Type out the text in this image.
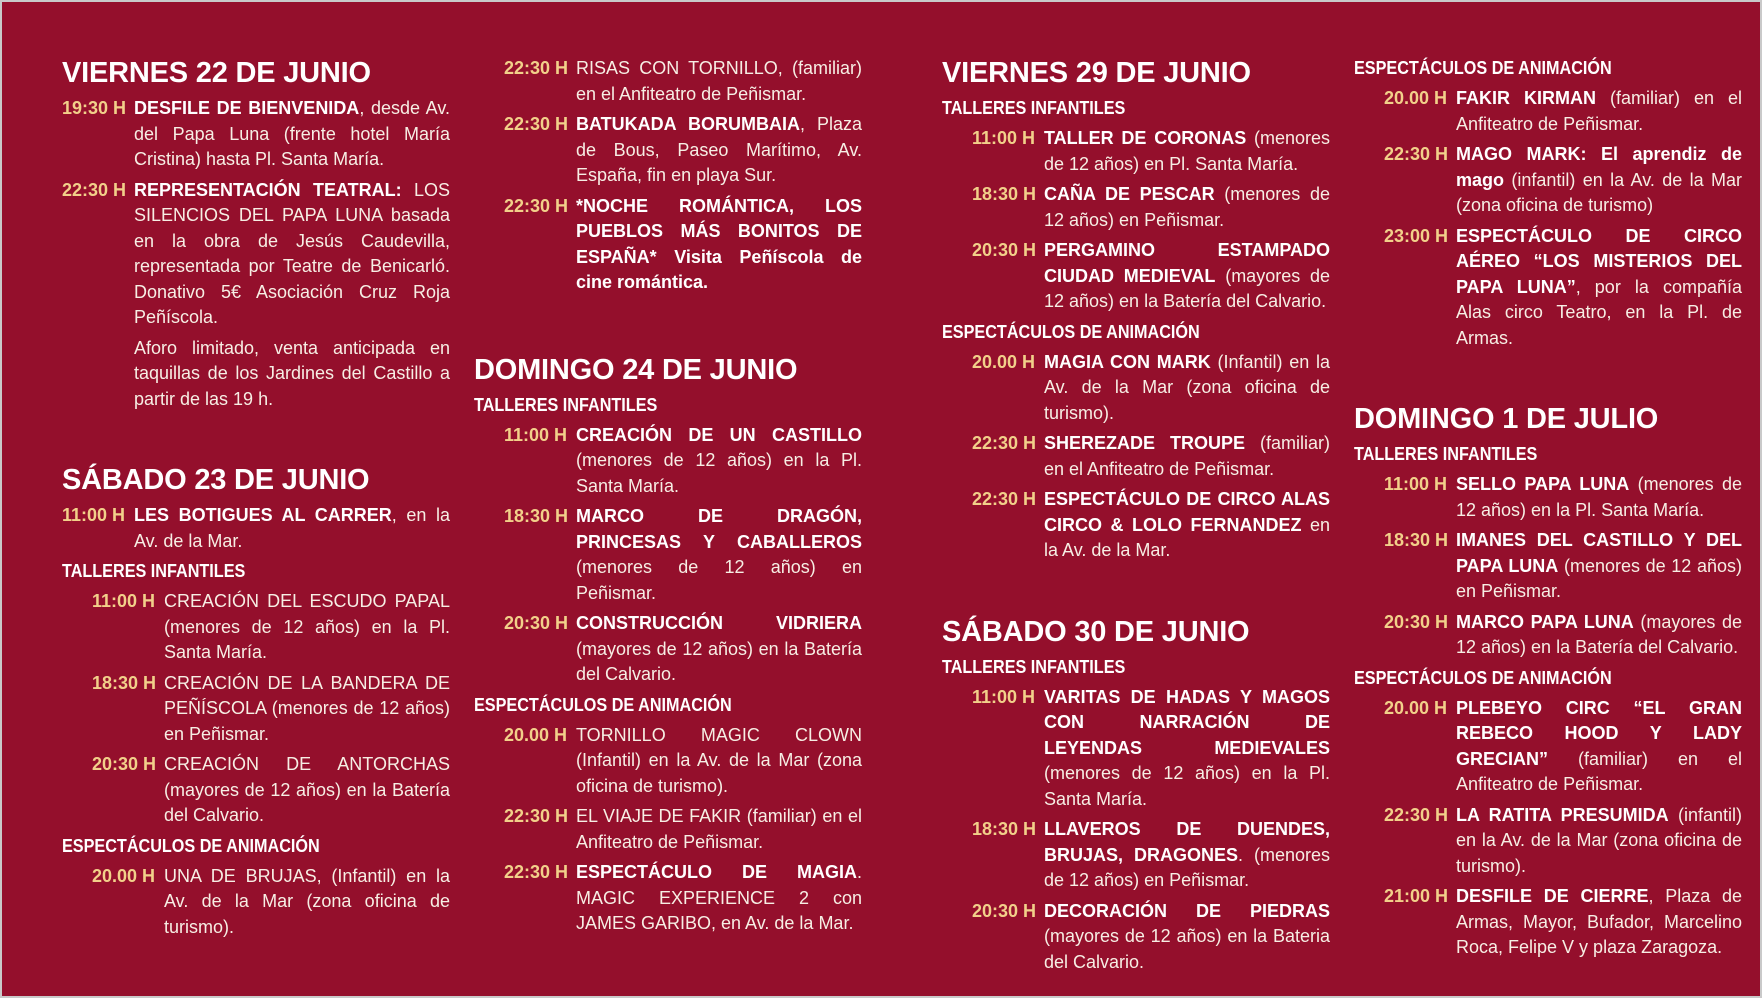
VIERNES 22 DE JUNIO
19:30 H DESFILE DE BIENVENIDA, desde Av. del Papa Luna (frente hotel María Cristina) hasta Pl. Santa María.
22:30 H REPRESENTACIÓN TEATRAL: LOS SILENCIOS DEL PAPA LUNA basada en la obra de Jesús Caudevilla, representada por Teatre de Benicarló. Donativo 5€ Asociación Cruz Roja Peñíscola.
Aforo limitado, venta anticipada en taquillas de los Jardines del Castillo a partir de las 19 h.
SÁBADO 23 DE JUNIO
11:00 H LES BOTIGUES AL CARRER, en la Av. de la Mar.
TALLERES INFANTILES
11:00 H CREACIÓN DEL ESCUDO PAPAL (menores de 12 años) en la Pl. Santa María.
18:30 H CREACIÓN DE LA BANDERA DE PEÑÍSCOLA (menores de 12 años) en Peñismar.
20:30 H CREACIÓN DE ANTORCHAS (mayores de 12 años) en la Batería del Calvario.
ESPECTÁCULOS DE ANIMACIÓN
20.00 H UNA DE BRUJAS, (Infantil) en la Av. de la Mar (zona oficina de turismo).
22:30 H RISAS CON TORNILLO, (familiar) en el Anfiteatro de Peñismar.
22:30 H BATUKADA BORUMBAIA, Plaza de Bous, Paseo Marítimo, Av. España, fin en playa Sur.
22:30 H *NOCHE ROMÁNTICA, LOS PUEBLOS MÁS BONITOS DE ESPAÑA* Visita Peñíscola de cine romántica.
DOMINGO 24 DE JUNIO
TALLERES INFANTILES
11:00 H CREACIÓN DE UN CASTILLO (menores de 12 años) en la Pl. Santa María.
18:30 H MARCO DE DRAGÓN, PRINCESAS Y CABALLEROS (menores de 12 años) en Peñismar.
20:30 H CONSTRUCCIÓN VIDRIERA (mayores de 12 años) en la Batería del Calvario.
ESPECTÁCULOS DE ANIMACIÓN
20.00 H TORNILLO MAGIC CLOWN (Infantil) en la Av. de la Mar (zona oficina de turismo).
22:30 H EL VIAJE DE FAKIR (familiar) en el Anfiteatro de Peñismar.
22:30 H ESPECTÁCULO DE MAGIA. MAGIC EXPERIENCE 2 con JAMES GARIBO, en Av. de la Mar.
VIERNES 29 DE JUNIO
TALLERES INFANTILES
11:00 H TALLER DE CORONAS (menores de 12 años) en Pl. Santa María.
18:30 H CAÑA DE PESCAR (menores de 12 años) en Peñismar.
20:30 H PERGAMINO ESTAMPADO CIUDAD MEDIEVAL (mayores de 12 años) en la Batería del Calvario.
ESPECTÁCULOS DE ANIMACIÓN
20.00 H MAGIA CON MARK (Infantil) en la Av. de la Mar (zona oficina de turismo).
22:30 H SHEREZADE TROUPE (familiar) en el Anfiteatro de Peñismar.
22:30 H ESPECTÁCULO DE CIRCO ALAS CIRCO & LOLO FERNANDEZ en la Av. de la Mar.
SÁBADO 30 DE JUNIO
TALLERES INFANTILES
11:00 H VARITAS DE HADAS Y MAGOS CON NARRACIÓN DE LEYENDAS MEDIEVALES (menores de 12 años) en la Pl. Santa María.
18:30 H LLAVEROS DE DUENDES, BRUJAS, DRAGONES. (menores de 12 años) en Peñismar.
20:30 H DECORACIÓN DE PIEDRAS (mayores de 12 años) en la Bateria del Calvario.
ESPECTÁCULOS DE ANIMACIÓN
20.00 H FAKIR KIRMAN (familiar) en el Anfiteatro de Peñismar.
22:30 H MAGO MARK: El aprendiz de mago (infantil) en la Av. de la Mar (zona oficina de turismo)
23:00 H ESPECTÁCULO DE CIRCO AÉREO “LOS MISTERIOS DEL PAPA LUNA”, por la compañía Alas circo Teatro, en la Pl. de Armas.
DOMINGO 1 DE JULIO
TALLERES INFANTILES
11:00 H SELLO PAPA LUNA (menores de 12 años) en la Pl. Santa María.
18:30 H IMANES DEL CASTILLO Y DEL PAPA LUNA (menores de 12 años) en Peñismar.
20:30 H MARCO PAPA LUNA (mayores de 12 años) en la Batería del Calvario.
ESPECTÁCULOS DE ANIMACIÓN
20.00 H PLEBEYO CIRC “EL GRAN REBECO HOOD Y LADY GRECIAN” (familiar) en el Anfiteatro de Peñismar.
22:30 H LA RATITA PRESUMIDA (infantil) en la Av. de la Mar (zona oficina de turismo).
21:00 H DESFILE DE CIERRE, Plaza de Armas, Mayor, Bufador, Marcelino Roca, Felipe V y plaza Zaragoza.
